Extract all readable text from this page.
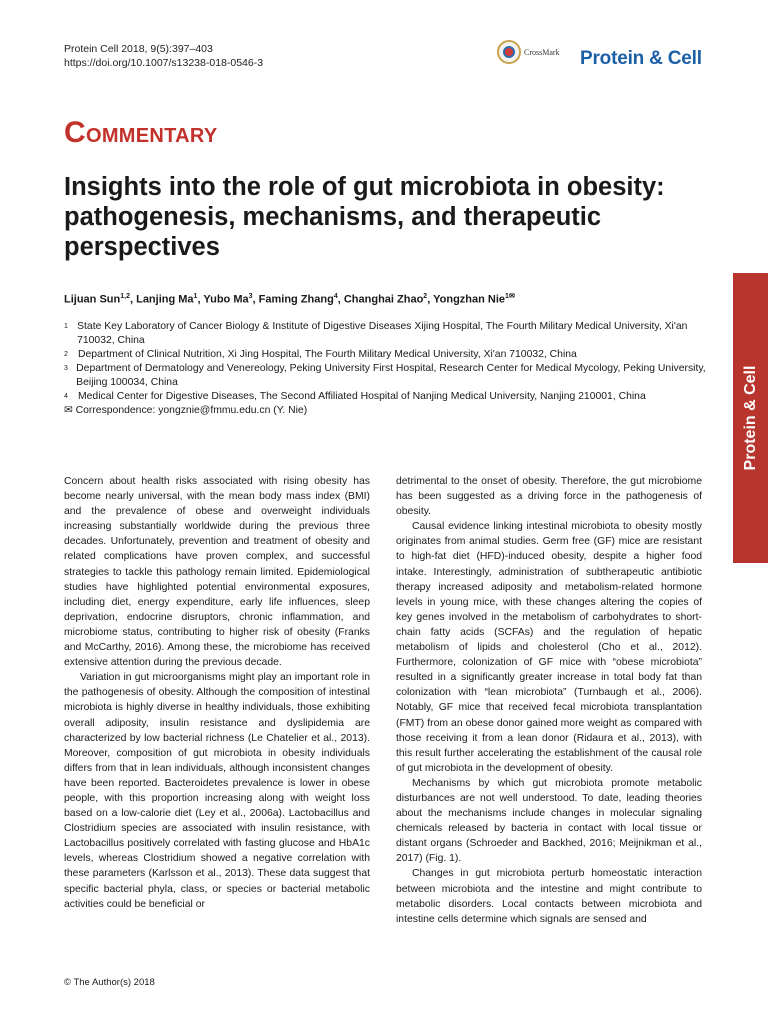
Protein Cell 2018, 9(5):397–403
https://doi.org/10.1007/s13238-018-0546-3
CrossMark Protein & Cell
COMMENTARY
Insights into the role of gut microbiota in obesity: pathogenesis, mechanisms, and therapeutic perspectives
Lijuan Sun$^{1,2}$, Lanjing Ma$^1$, Yubo Ma$^3$, Faming Zhang$^4$, Changhai Zhao$^2$, Yongzhan Nie$^{1✉}$
1 State Key Laboratory of Cancer Biology & Institute of Digestive Diseases Xijing Hospital, The Fourth Military Medical University, Xi'an 710032, China
2 Department of Clinical Nutrition, Xi Jing Hospital, The Fourth Military Medical University, Xi'an 710032, China
3 Department of Dermatology and Venereology, Peking University First Hospital, Research Center for Medical Mycology, Peking University, Beijing 100034, China
4 Medical Center for Digestive Diseases, The Second Affiliated Hospital of Nanjing Medical University, Nanjing 210001, China
✉ Correspondence: yongznie@fmmu.edu.cn (Y. Nie)	Protein & Cell

Concern about health risks associated with rising obesity has become nearly universal, with the mean body mass index (BMI) and the prevalence of obese and overweight individuals increasing substantially worldwide during the previous three decades. Unfortunately, prevention and treatment of obesity and related complications have proven complex, and successful strategies to tackle this pathology remain limited. Epidemiological studies have highlighted potential environmental exposures, including diet, energy expenditure, early life influences, sleep deprivation, endocrine disruptors, chronic inflammation, and microbiome status, contributing to higher risk of obesity (Franks and McCarthy, 2016). Among these, the microbiome has received extensive attention during the previous decade.

Variation in gut microorganisms might play an important role in the pathogenesis of obesity. Although the composition of intestinal microbiota is highly diverse in healthy individuals, those exhibiting overall adiposity, insulin resistance and dyslipidemia are characterized by low bacterial richness (Le Chatelier et al., 2013). Moreover, composition of gut microbiota in obesity individuals differs from that in lean individuals, although inconsistent changes have been reported. Bacteroidetes prevalence is lower in obese people, with this proportion increasing along with weight loss based on a low-calorie diet (Ley et al., 2006a). Lactobacillus and Clostridium species are associated with insulin resistance, with Lactobacillus positively correlated with fasting glucose and HbA1c levels, whereas Clostridium showed a negative correlation with these parameters (Karlsson et al., 2013). These data suggest that specific bacterial phyla, class, or species or bacterial metabolic activities could be beneficial or

detrimental to the onset of obesity. Therefore, the gut microbiome has been suggested as a driving force in the pathogenesis of obesity.

Causal evidence linking intestinal microbiota to obesity mostly originates from animal studies. Germ free (GF) mice are resistant to high-fat diet (HFD)-induced obesity, despite a higher food intake. Interestingly, administration of subtherapeutic antibiotic therapy increased adiposity and metabolism-related hormone levels in young mice, with these changes altering the copies of key genes involved in the metabolism of carbohydrates to short-chain fatty acids (SCFAs) and the regulation of hepatic metabolism of lipids and cholesterol (Cho et al., 2012). Furthermore, colonization of GF mice with “obese microbiota” resulted in a significantly greater increase in total body fat than colonization with “lean microbiota” (Turnbaugh et al., 2006). Notably, GF mice that received fecal microbiota transplantation (FMT) from an obese donor gained more weight as compared with those receiving it from a lean donor (Ridaura et al., 2013), with this result further accelerating the establishment of the causal role of gut microbiota in the development of obesity.

Mechanisms by which gut microbiota promote metabolic disturbances are not well understood. To date, leading theories about the mechanisms include changes in molecular signaling chemicals released by bacteria in contact with local tissue or distant organs (Schroeder and Backhed, 2016; Meijnikman et al., 2017) (Fig. 1).

Changes in gut microbiota perturb homeostatic interaction between microbiota and the intestine and might contribute to metabolic disorders. Local contacts between microbiota and intestine cells determine which signals are sensed and

© The Author(s) 2018
